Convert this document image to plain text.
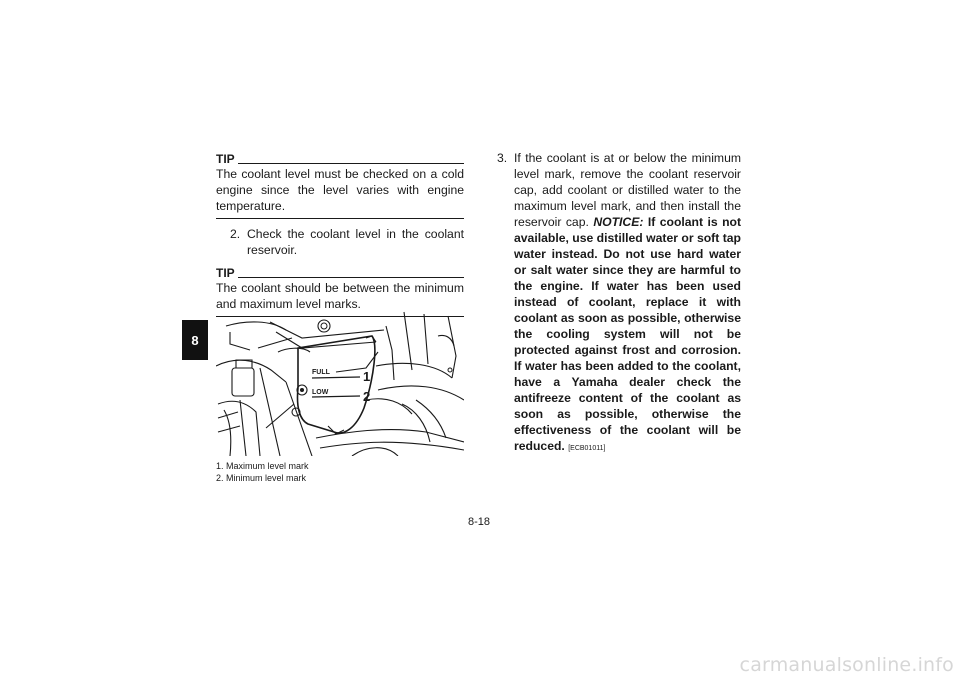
8
TIP
The coolant level must be checked on a cold engine since the level varies with engine temperature.
2. Check the coolant level in the coolant reservoir.
TIP
The coolant should be between the minimum and maximum level marks.
FULL
LOW
1
2
1. Maximum level mark
2. Minimum level mark
3. If the coolant is at or below the minimum level mark, remove the coolant reservoir cap, add coolant or distilled water to the maximum level mark, and then install the reservoir cap. NOTICE: If coolant is not available, use distilled water or soft tap water instead. Do not use hard water or salt water since they are harmful to the engine. If water has been used instead of coolant, replace it with coolant as soon as possible, otherwise the cooling system will not be protected against frost and corrosion. If water has been added to the coolant, have a Yamaha dealer check the antifreeze content of the coolant as soon as possible, otherwise the effectiveness of the coolant will be reduced. [ECB01011]
8-18
carmanualsonline.info
